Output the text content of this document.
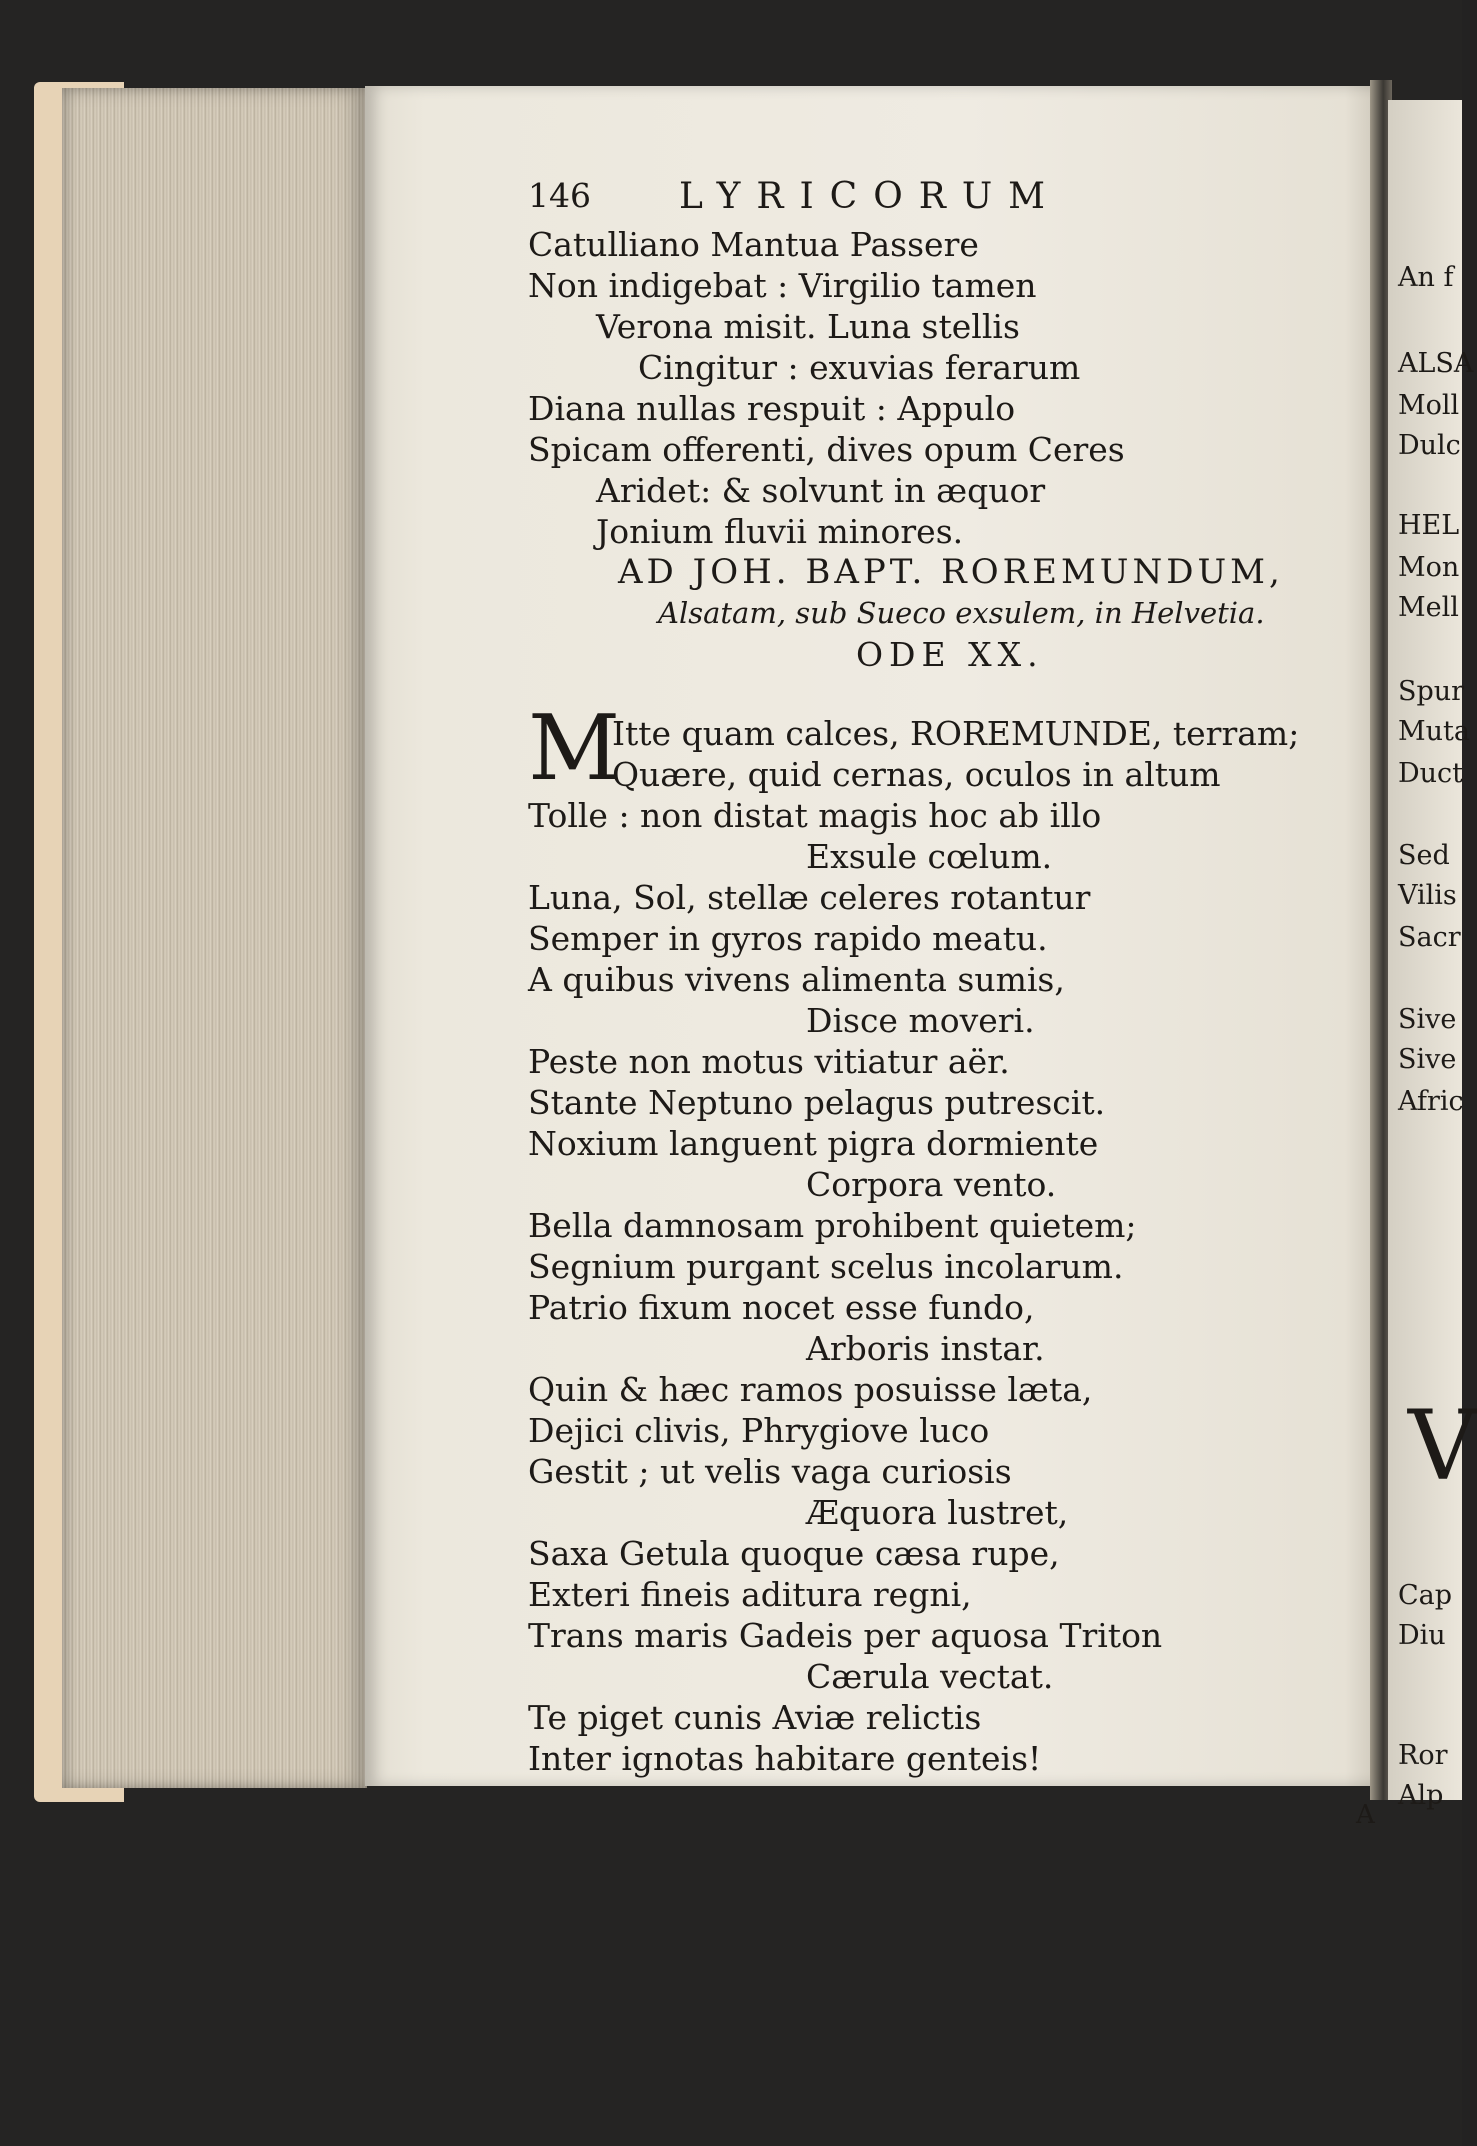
146	LYRICORUM
Catulliano Mantua Passere
Non indigebat : Virgilio tamen
Verona misit. Luna stellis
Cingitur : exuvias ferarum
Diana nullas respuit : Appulo
Spicam offerenti, dives opum Ceres
Aridet: & solvunt in æquor
Jonium fluvii minores.
AD JOH. BAPT. ROREMUNDUM,
Alsatam, sub Sueco exsulem, in Helvetia.
ODE XX.
M
Itte quam calces, ROREMUNDE, terram;
Quære, quid cernas, oculos in altum
Tolle : non distat magis hoc ab illo
Exsule cœlum.
Luna, Sol, stellæ celeres rotantur
Semper in gyros rapido meatu.
A quibus vivens alimenta sumis,
Disce moveri.
Peste non motus vitiatur aër.
Stante Neptuno pelagus putrescit.
Noxium languent pigra dormiente
Corpora vento.
Bella damnosam prohibent quietem;
Segnium purgant scelus incolarum.
Patrio fixum nocet esse fundo,
Arboris instar.
Quin & hæc ramos posuisse læta,
Dejici clivis, Phrygiove luco
Gestit ; ut velis vaga curiosis
Æquora lustret,
Saxa Getula quoque cæsa rupe,
Exteri fineis aditura regni,
Trans maris Gadeis per aquosa Triton
Cærula vectat.
Te piget cunis Aviæ relictis
Inter ignotas habitare genteis!
An f
ALSA
Moll
Dulc
HEL
Mon
Mell
Spur
Muta
Duct
Sed
Vilis
Sacr
Sive
Sive
Afric
V
Cap
Diu
Ror
Alp
A
